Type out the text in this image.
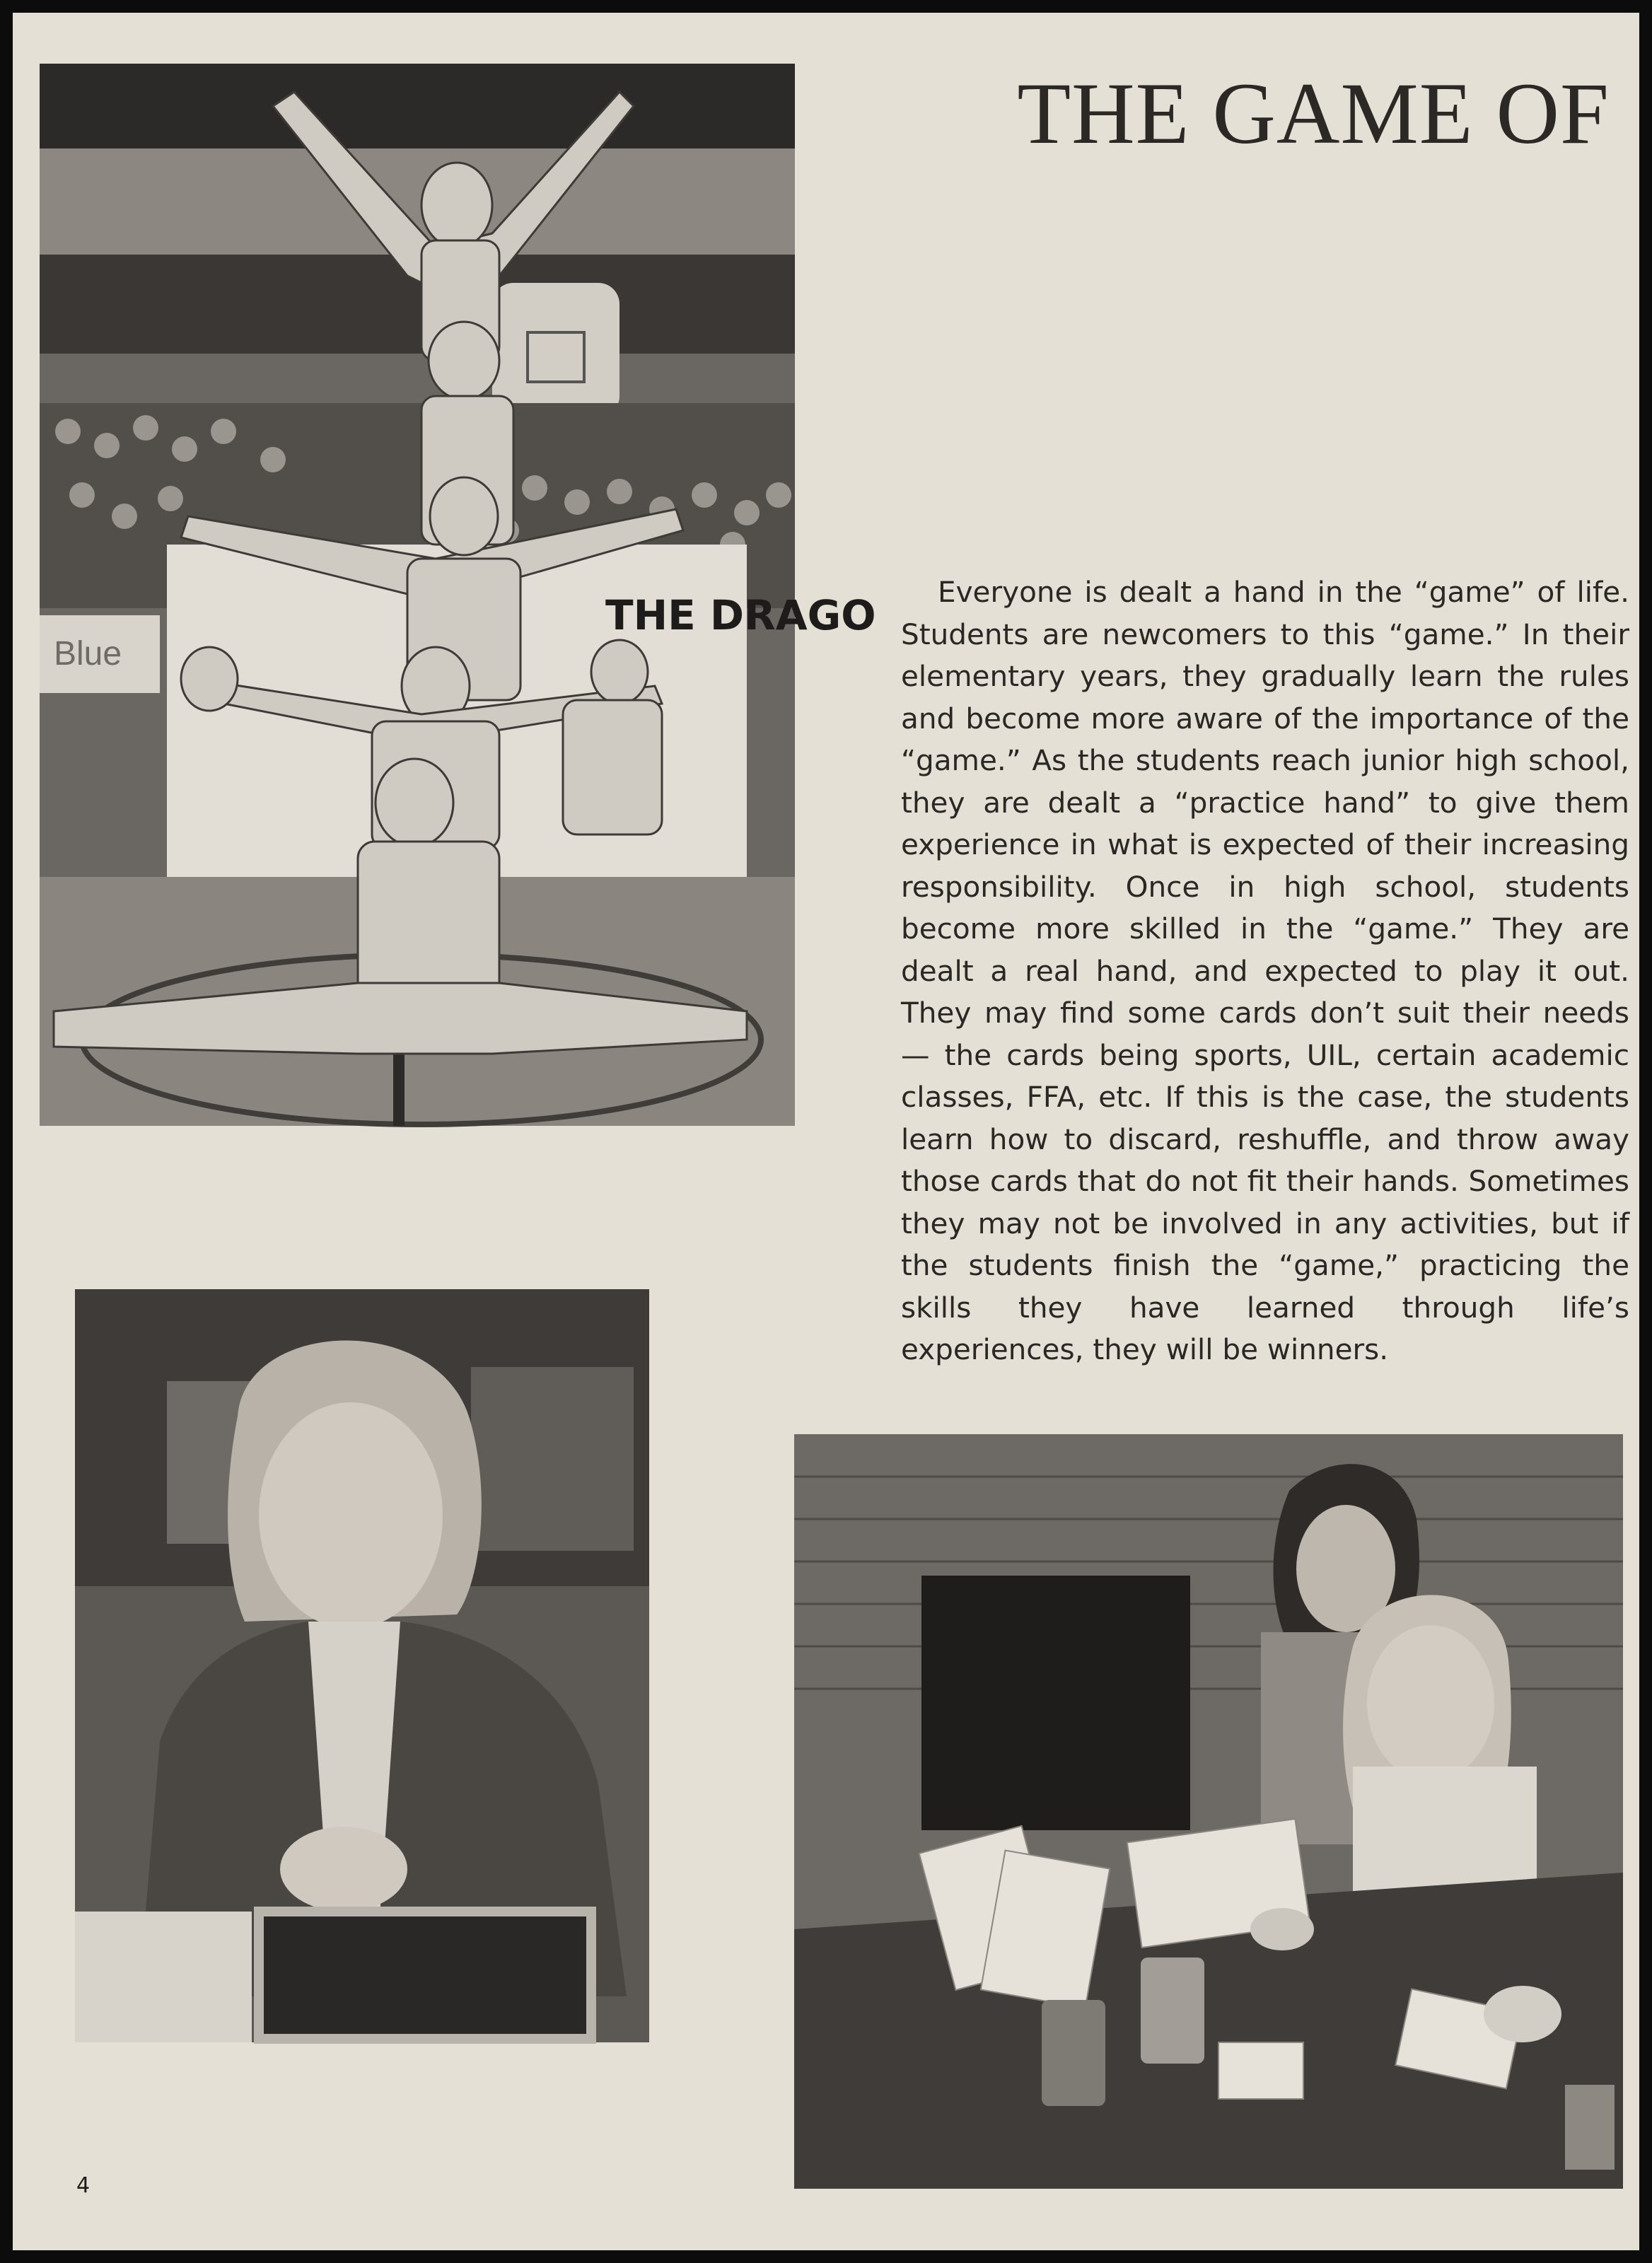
Blue
THE DRAGO
THE GAME OF

Everyone is dealt a hand in the “game” of life. Students are newcomers to this “game.” In their elementary years, they gradually learn the rules and become more aware of the importance of the “game.” As the students reach junior high school, they are dealt a “practice hand” to give them experience in what is expected of their increasing responsibility. Once in high school, students become more skilled in the “game.” They are dealt a real hand, and expected to play it out. They may find some cards don’t suit their needs — the cards being sports, UIL, certain academic classes, FFA, etc. If this is the case, the students learn how to discard, reshuffle, and throw away those cards that do not fit their hands. Sometimes they may not be involved in any activities, but if the students finish the “game,” practicing the skills they have learned through life’s experiences, they will be winners.

4
